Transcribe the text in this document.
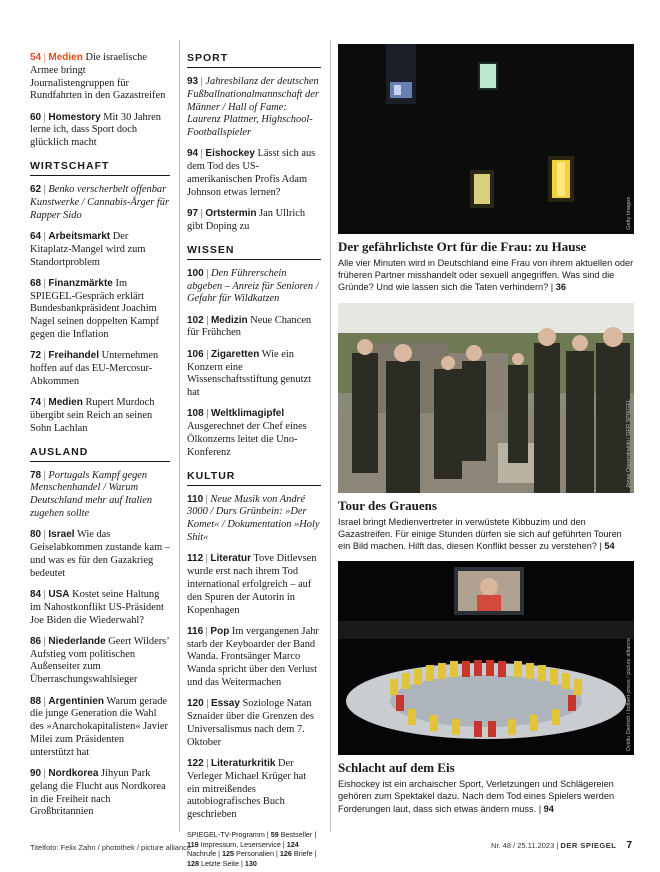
54 | Medien Die israelische Armee bringt Journalistengruppen für Rundfahrten in den Gazastreifen
60 | Homestory Mit 30 Jahren lerne ich, dass Sport doch glücklich macht
WIRTSCHAFT
62 | Benko verscherbelt offenbar Kunstwerke / Cannabis-Ärger für Rapper Sido
64 | Arbeitsmarkt Der Kitaplatz-Mangel wird zum Standortproblem
68 | Finanzmärkte Im SPIEGEL-Gespräch erklärt Bundesbankpräsident Joachim Nagel seinen doppelten Kampf gegen die Inflation
72 | Freihandel Unternehmen hoffen auf das EU-Mercosur-Abkommen
74 | Medien Rupert Murdoch übergibt sein Reich an seinen Sohn Lachlan
AUSLAND
78 | Portugals Kampf gegen Menschenhandel / Warum Deutschland mehr auf Italien zugehen sollte
80 | Israel Wie das Geiselabkommen zustande kam – und was es für den Gazakrieg bedeutet
84 | USA Kostet seine Haltung im Nahostkonflikt US-Präsident Joe Biden die Wiederwahl?
86 | Niederlande Geert Wilders’ Aufstieg vom politischen Außenseiter zum Überraschungswahlsieger
88 | Argentinien Warum gerade die junge Generation die Wahl des »Anarchokapitalisten« Javier Milei zum Präsidenten unterstützt hat
90 | Nordkorea Jihyun Park gelang die Flucht aus Nordkorea in die Freiheit nach Großbritannien
SPORT
93 | Jahresbilanz der deutschen Fußballnationalmannschaft der Männer / Hall of Fame: Laurenz Plattner, Highschool-Footballspieler
94 | Eishockey Lässt sich aus dem Tod des US-amerikanischen Profis Adam Johnson etwas lernen?
97 | Ortstermin Jan Ullrich gibt Doping zu
WISSEN
100 | Den Führerschein abgeben – Anreiz für Senioren / Gefahr für Wildkatzen
102 | Medizin Neue Chancen für Frühchen
106 | Zigaretten Wie ein Konzern eine Wissenschaftsstiftung genutzt hat
108 | Weltklimagipfel Ausgerechnet der Chef eines Ölkonzerns leitet die Uno-Konferenz
KULTUR
110 | Neue Musik von André 3000 / Durs Grünbein: »Der Komet« / Dokumentation »Holy Shit«
112 | Literatur Tove Ditlevsen wurde erst nach ihrem Tod international erfolgreich – auf den Spuren der Autorin in Kopenhagen
116 | Pop Im vergangenen Jahr starb der Keyboarder der Band Wanda. Frontsänger Marco Wanda spricht über den Verlust und das Weitermachen
120 | Essay Soziologe Natan Sznaider über die Grenzen des Universalismus nach dem 7. Oktober
122 | Literaturkritik Der Verleger Michael Krüger hat ein mitreißendes autobiografisches Buch geschrieben
SPIEGEL-TV-Programm | 59 Bestseller | 119 Impressum, Leserservice | 124 Nachrufe | 125 Personalien | 126 Briefe | 128 Letzte Seite | 130
Getty Images
Der gefährlichste Ort für die Frau: zu Hause
Alle vier Minuten wird in Deutschland eine Frau von ihrem aktuellen oder früheren Partner misshandelt oder sexuell angegriffen. Was sind die Gründe? Und wie lassen sich die Taten verhindern? | 36
Jonas Opperskalski / DER SPIEGEL
Tour des Grauens
Israel bringt Medienvertreter in verwüstete Kibbuzim und den Gazastreifen. Für einige Stunden dürfen sie sich auf geführten Touren ein Bild machen. Hilft das, diesen Konflikt besser zu verstehen? | 54
Ovidiu Dietrich / kolbert-press / picture alliance
Schlacht auf dem Eis
Eishockey ist ein archaischer Sport, Verletzungen und Schlägereien gehören zum Spektakel dazu. Nach dem Tod eines Spielers werden Forderungen laut, dass sich etwas ändern muss. | 94
Titelfoto: Felix Zahn / photothek / picture alliance	Nr. 48 / 25.11.2023 | DER SPIEGEL 7
